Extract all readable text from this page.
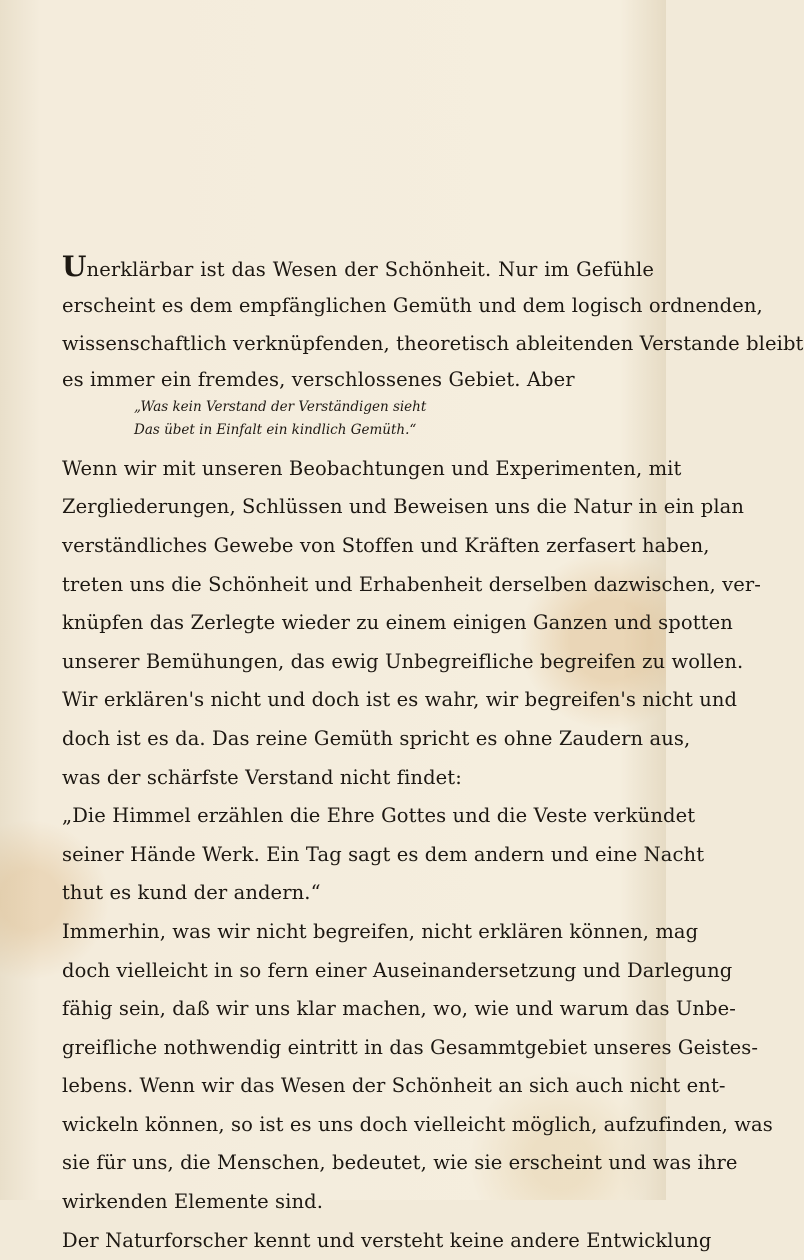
Unerklärbar ist das Wesen der Schönheit. Nur im Gefühle
erscheint es dem empfänglichen Gemüth und dem logisch ordnenden,
wissenschaftlich verknüpfenden, theoretisch ableitenden Verstande bleibt
es immer ein fremdes, verschlossenes Gebiet. Aber
„Was kein Verstand der Verständigen sieht
Das übet in Einfalt ein kindlich Gemüth.“
Wenn wir mit unseren Beobachtungen und Experimenten, mit
Zergliederungen, Schlüssen und Beweisen uns die Natur in ein plan
verständliches Gewebe von Stoffen und Kräften zerfasert haben,
treten uns die Schönheit und Erhabenheit derselben dazwischen, ver-
knüpfen das Zerlegte wieder zu einem einigen Ganzen und spotten
unserer Bemühungen, das ewig Unbegreifliche begreifen zu wollen.
Wir erklären's nicht und doch ist es wahr, wir begreifen's nicht und
doch ist es da. Das reine Gemüth spricht es ohne Zaudern aus,
was der schärfste Verstand nicht findet:
„Die Himmel erzählen die Ehre Gottes und die Veste verkündet
seiner Hände Werk. Ein Tag sagt es dem andern und eine Nacht
thut es kund der andern.“
Immerhin, was wir nicht begreifen, nicht erklären können, mag
doch vielleicht in so fern einer Auseinandersetzung und Darlegung
fähig sein, daß wir uns klar machen, wo, wie und warum das Unbe-
greifliche nothwendig eintritt in das Gesammtgebiet unseres Geistes-
lebens. Wenn wir das Wesen der Schönheit an sich auch nicht ent-
wickeln können, so ist es uns doch vielleicht möglich, aufzufinden, was
sie für uns, die Menschen, bedeutet, wie sie erscheint und was ihre
wirkenden Elemente sind.
Der Naturforscher kennt und versteht keine andere Entwicklung
